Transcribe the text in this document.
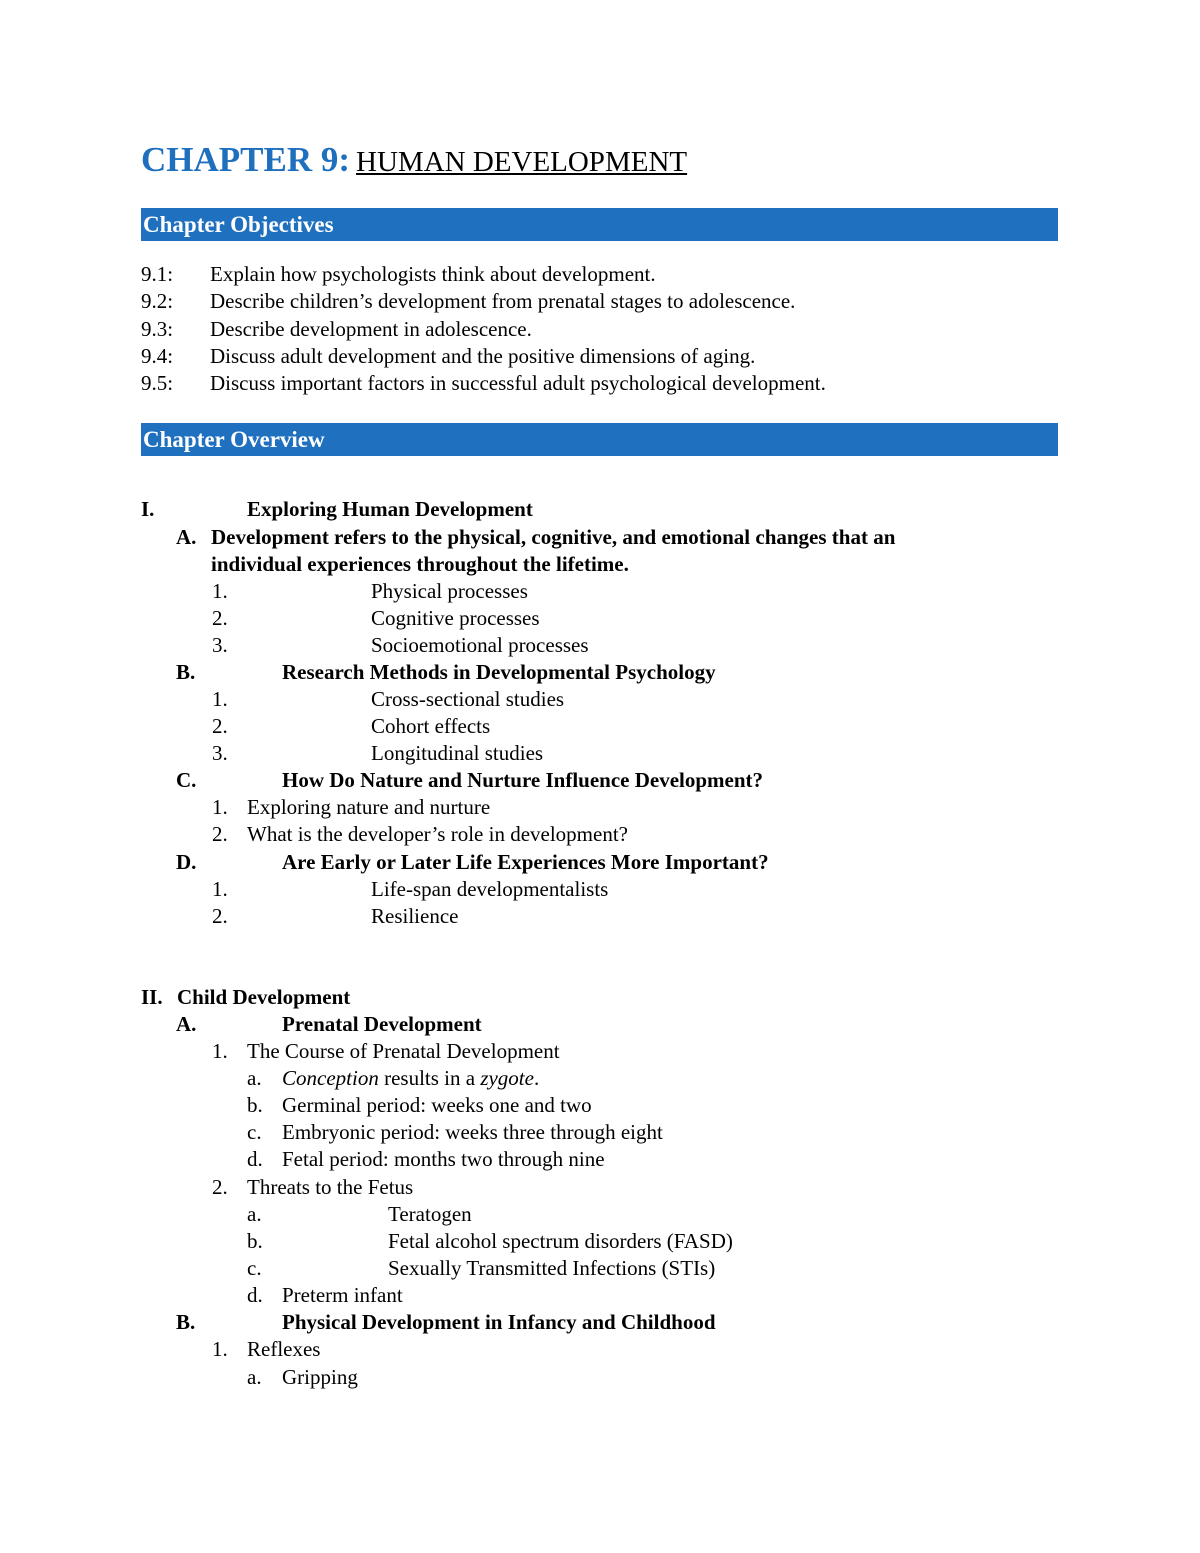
CHAPTER 9: HUMAN DEVELOPMENT
Chapter Objectives
9.1: Explain how psychologists think about development.
9.2: Describe children’s development from prenatal stages to adolescence.
9.3: Describe development in adolescence.
9.4: Discuss adult development and the positive dimensions of aging.
9.5: Discuss important factors in successful adult psychological development.
Chapter Overview
I.	Exploring Human Development
A. Development refers to the physical, cognitive, and emotional changes that an
individual experiences throughout the lifetime.
1.	Physical processes
2.	Cognitive processes
3.	Socioemotional processes
B.	Research Methods in Developmental Psychology
1.	Cross-sectional studies
2.	Cohort effects
3.	Longitudinal studies
C.	How Do Nature and Nurture Influence Development?
1. Exploring nature and nurture
2. What is the developer’s role in development?
D.	Are Early or Later Life Experiences More Important?
1.	Life-span developmentalists
2.	Resilience
II. Child Development
A.	Prenatal Development
1. The Course of Prenatal Development
a. Conception results in a zygote.
b. Germinal period: weeks one and two
c. Embryonic period: weeks three through eight
d. Fetal period: months two through nine
2. Threats to the Fetus
a.	Teratogen
b.	Fetal alcohol spectrum disorders (FASD)
c.	Sexually Transmitted Infections (STIs)
d. Preterm infant
B.	Physical Development in Infancy and Childhood
1. Reflexes
a. Gripping
